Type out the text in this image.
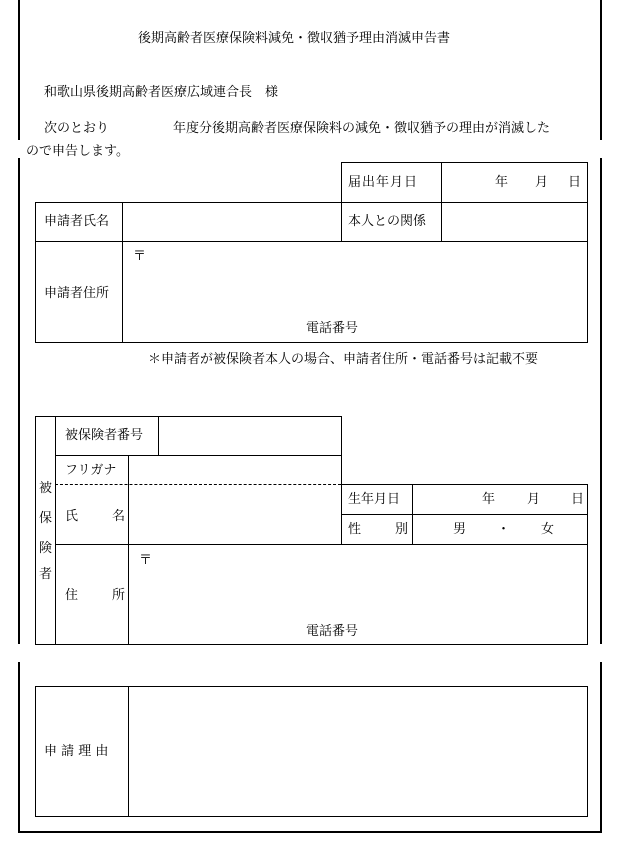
後期高齢者医療保険料減免・徴収猶予理由消滅申告書
和歌山県後期高齢者医療広域連合長　様
次のとおり	年度分後期高齢者医療保険料の減免・徴収猶予の理由が消滅した
ので申告します。
届出年月日	年 月 日
申請者氏名	本人との関係
申請者住所
〒
電話番号
＊申請者が被保険者本人の場合、申請者住所・電話番号は記載不要
被
保
険
者
被保険者番号
フリガナ
氏	名
生年月日	年 月 日
性	別	男 ・ 女
住	所
〒
電話番号
申 請 理 由
